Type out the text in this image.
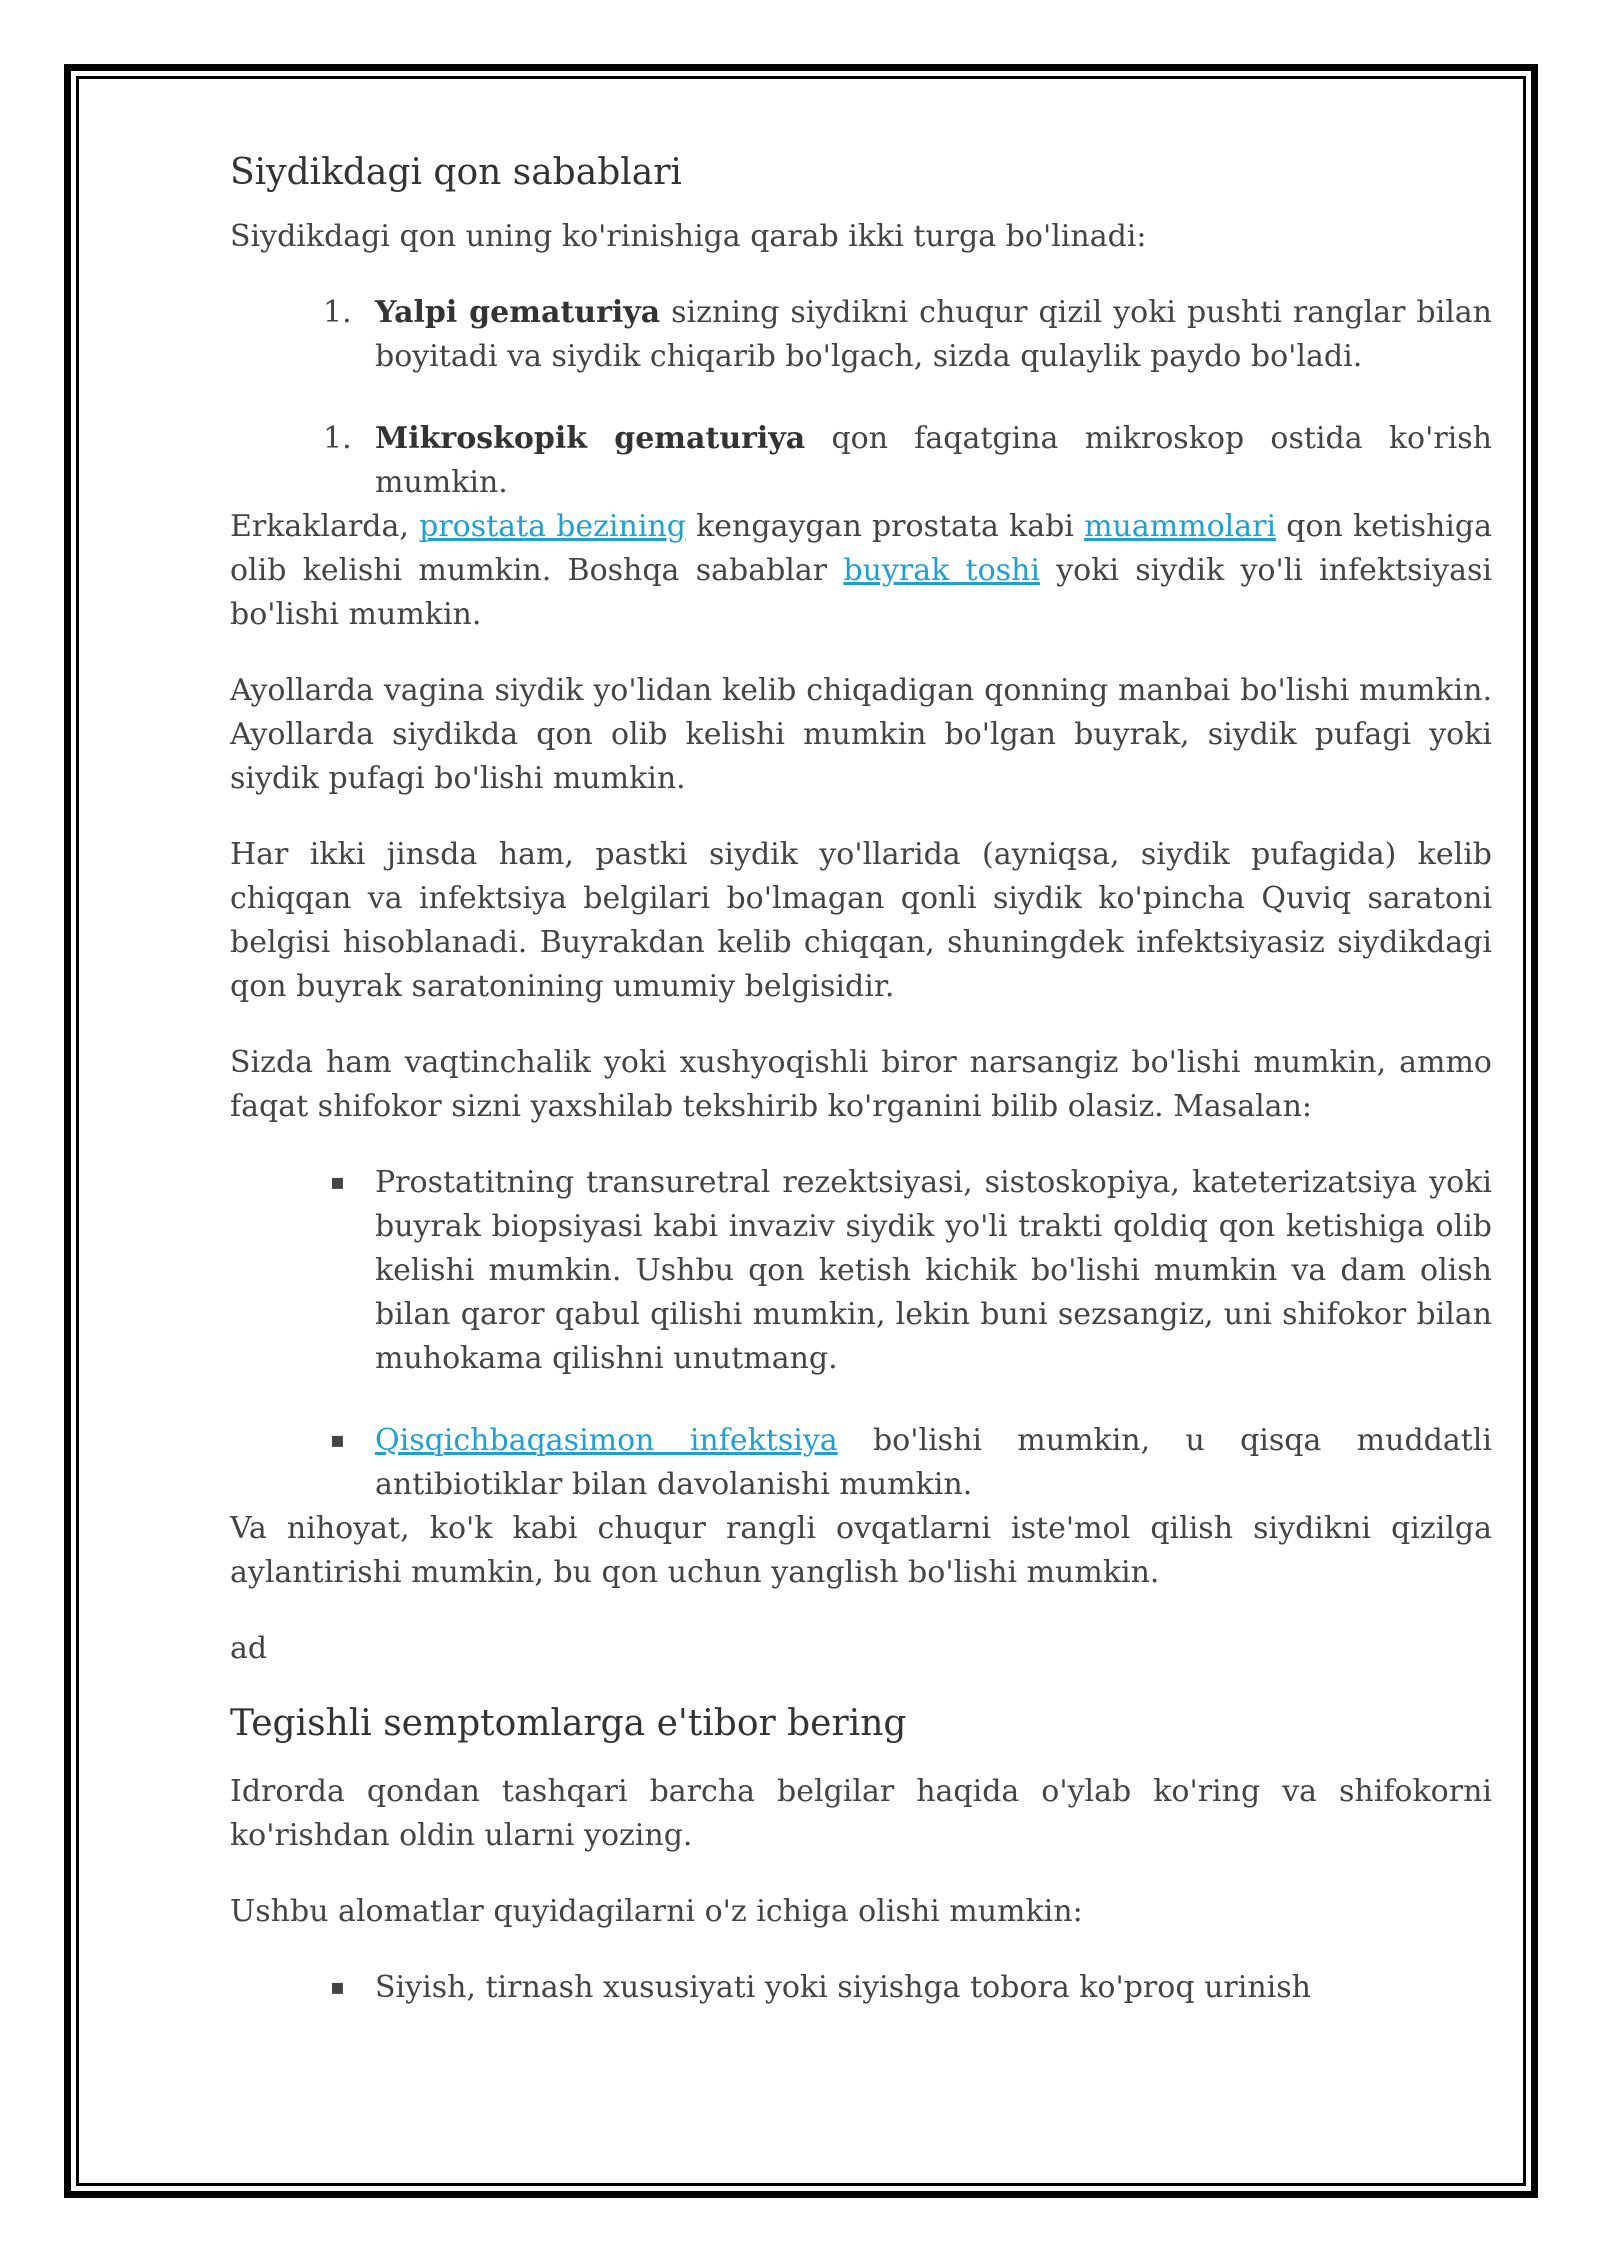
Siydikdagi qon sabablari

Siydikdagi qon uning ko'rinishiga qarab ikki turga bo'linadi:

1. Yalpi gematuriya sizning siydikni chuqur qizil yoki pushti ranglar bilan boyitadi va siydik chiqarib bo'lgach, sizda qulaylik paydo bo'ladi.
1. Mikroskopik gematuriya qon faqatgina mikroskop ostida ko'rish mumkin.

Erkaklarda, prostata bezining kengaygan prostata kabi muammolari qon ketishiga olib kelishi mumkin. Boshqa sabablar buyrak toshi yoki siydik yo'li infektsiyasi bo'lishi mumkin.

Ayollarda vagina siydik yo'lidan kelib chiqadigan qonning manbai bo'lishi mumkin. Ayollarda siydikda qon olib kelishi mumkin bo'lgan buyrak, siydik pufagi yoki siydik pufagi bo'lishi mumkin.

Har ikki jinsda ham, pastki siydik yo'llarida (ayniqsa, siydik pufagida) kelib chiqqan va infektsiya belgilari bo'lmagan qonli siydik ko'pincha Quviq saratoni belgisi hisoblanadi. Buyrakdan kelib chiqqan, shuningdek infektsiyasiz siydikdagi qon buyrak saratonining umumiy belgisidir.

Sizda ham vaqtinchalik yoki xushyoqishli biror narsangiz bo'lishi mumkin, ammo faqat shifokor sizni yaxshilab tekshirib ko'rganini bilib olasiz. Masalan:

▪ Prostatitning transuretral rezektsiyasi, sistoskopiya, kateterizatsiya yoki buyrak biopsiyasi kabi invaziv siydik yo'li trakti qoldiq qon ketishiga olib kelishi mumkin. Ushbu qon ketish kichik bo'lishi mumkin va dam olish bilan qaror qabul qilishi mumkin, lekin buni sezsangiz, uni shifokor bilan muhokama qilishni unutmang.
▪ Qisqichbaqasimon infektsiya bo'lishi mumkin, u qisqa muddatli antibiotiklar bilan davolanishi mumkin.

Va nihoyat, ko'k kabi chuqur rangli ovqatlarni iste'mol qilish siydikni qizilga aylantirishi mumkin, bu qon uchun yanglish bo'lishi mumkin.

ad

Tegishli semptomlarga e'tibor bering

Idrorda qondan tashqari barcha belgilar haqida o'ylab ko'ring va shifokorni ko'rishdan oldin ularni yozing.

Ushbu alomatlar quyidagilarni o'z ichiga olishi mumkin:

▪ Siyish, tirnash xususiyati yoki siyishga tobora ko'proq urinish
